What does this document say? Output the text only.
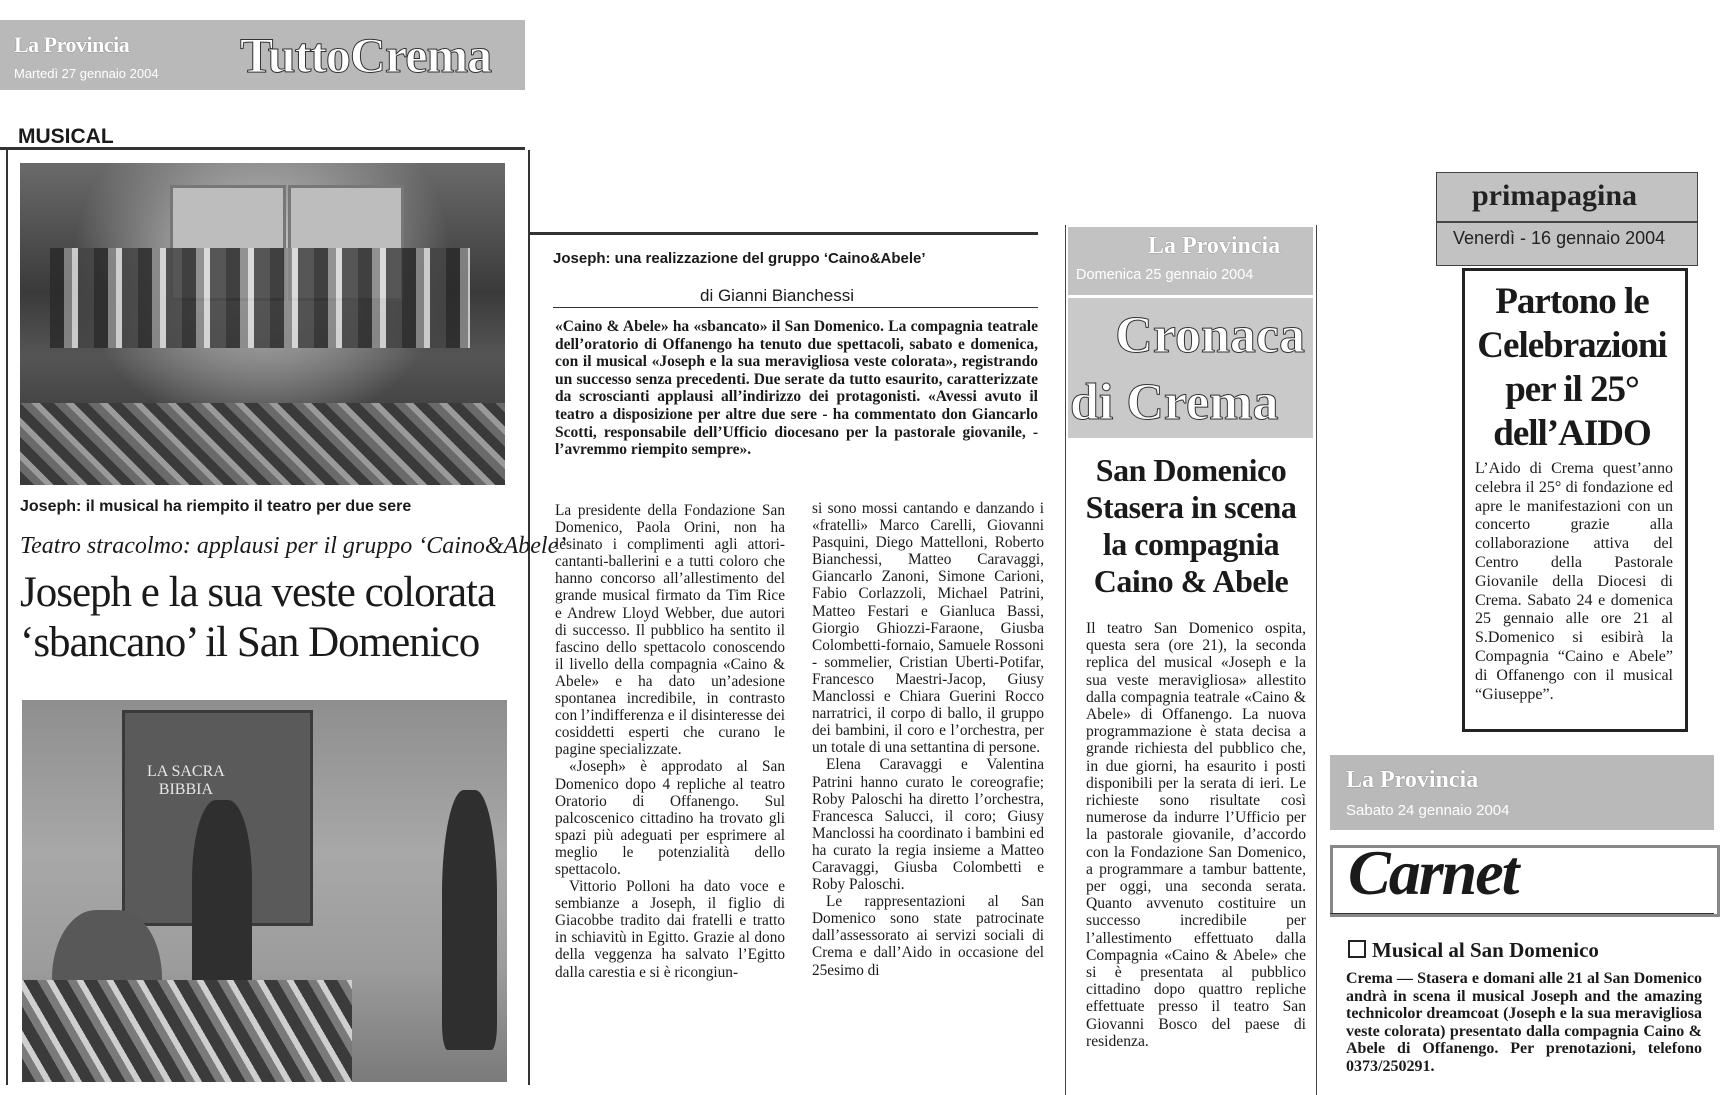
La Provincia
Martedì 27 gennaio 2004 TuttoCrema
MUSICAL
Joseph: il musical ha riempito il teatro per due sere
Teatro stracolmo: applausi per il gruppo ‘Caino&Abele’
Joseph e la sua veste colorata
‘sbancano’ il San Domenico
LA SACRA
BIBBIA
Joseph: una realizzazione del gruppo ‘Caino&Abele’
di Gianni Bianchessi
«Caino & Abele» ha «sbancato» il San Domenico. La compagnia teatrale dell’oratorio di Offanengo ha tenuto due spettacoli, sabato e domenica, con il musical «Joseph e la sua meravigliosa veste colorata», registrando un successo senza precedenti. Due serate da tutto esaurito, caratterizzate da scroscianti applausi all’indirizzo dei protagonisti. «Avessi avuto il teatro a disposizione per altre due sere - ha commentato don Giancarlo Scotti, responsabile dell’Ufficio diocesano per la pastorale giovanile, - l’avremmo riempito sempre».

La presidente della Fondazione San Domenico, Paola Orini, non ha lesinato i complimenti agli attori-cantanti-ballerini e a tutti coloro che hanno concorso all’allestimento del grande musical firmato da Tim Rice e Andrew Lloyd Webber, due autori di successo. Il pubblico ha sentito il fascino dello spettacolo conoscendo il livello della compagnia «Caino & Abele» e ha dato un’adesione spontanea incredibile, in contrasto con l’indifferenza e il disinteresse dei cosiddetti esperti che curano le pagine specializzate.

«Joseph» è approdato al San Domenico dopo 4 repliche al teatro Oratorio di Offanengo. Sul palcoscenico cittadino ha trovato gli spazi più adeguati per esprimere al meglio le potenzialità dello spettacolo.

Vittorio Polloni ha dato voce e sembianze a Joseph, il figlio di Giacobbe tradito dai fratelli e tratto in schiavitù in Egitto. Grazie al dono della veggenza ha salvato l’Egitto dalla carestia e si è ricongiun-

si sono mossi cantando e danzando i «fratelli» Marco Carelli, Giovanni Pasquini, Diego Mattelloni, Roberto Bianchessi, Matteo Caravaggi, Giancarlo Zanoni, Simone Carioni, Fabio Corlazzoli, Michael Patrini, Matteo Festari e Gianluca Bassi, Giorgio Ghiozzi-Faraone, Giusba Colombetti-fornaio, Samuele Rossoni - sommelier, Cristian Uberti-Potifar, Francesco Maestri-Jacop, Giusy Manclossi e Chiara Guerini Rocco narratrici, il corpo di ballo, il gruppo dei bambini, il coro e l’orchestra, per un totale di una settantina di persone.

Elena Caravaggi e Valentina Patrini hanno curato le coreografie; Roby Paloschi ha diretto l’orchestra, Francesca Salucci, il coro; Giusy Manclossi ha coordinato i bambini ed ha curato la regia insieme a Matteo Caravaggi, Giusba Colombetti e Roby Paloschi.

Le rappresentazioni al San Domenico sono state patrocinate dall’assessorato ai servizi sociali di Crema e dall’Aido in occasione del 25esimo di

La Provincia
Domenica 25 gennaio 2004
Cronaca
di Crema
San Domenico
Stasera in scena
la compagnia
Caino & Abele
Il teatro San Domenico ospita, questa sera (ore 21), la seconda replica del musical «Joseph e la sua veste meravigliosa» allestito dalla compagnia teatrale «Caino & Abele» di Offanengo. La nuova programmazione è stata decisa a grande richiesta del pubblico che, in due giorni, ha esaurito i posti disponibili per la serata di ieri. Le richieste sono risultate così numerose da indurre l’Ufficio per la pastorale giovanile, d’accordo con la Fondazione San Domenico, a programmare a tambur battente, per oggi, una seconda serata. Quanto avvenuto costituire un successo incredibile per l’allestimento effettuato dalla Compagnia «Caino & Abele» che si è presentata al pubblico cittadino dopo quattro repliche effettuate presso il teatro San Giovanni Bosco del paese di residenza.
primapagina
Venerdì - 16 gennaio 2004
Partono le
Celebrazioni
per il 25°
dell’AIDO
L’Aido di Crema quest’anno celebra il 25° di fondazione ed apre le manifestazioni con un concerto grazie alla collaborazione attiva del Centro della Pastorale Giovanile della Diocesi di Crema. Sabato 24 e domenica 25 gennaio alle ore 21 al S.Domenico si esibirà la Compagnia “Caino e Abele” di Offanengo con il musical “Giuseppe”.
La Provincia
Sabato 24 gennaio 2004
Carnet
Musical al San Domenico
Crema — Stasera e domani alle 21 al San Domenico andrà in scena il musical Joseph and the amazing technicolor dreamcoat (Joseph e la sua meravigliosa veste colorata) presentato dalla compagnia Caino & Abele di Offanengo. Per prenotazioni, telefono 0373/250291.
